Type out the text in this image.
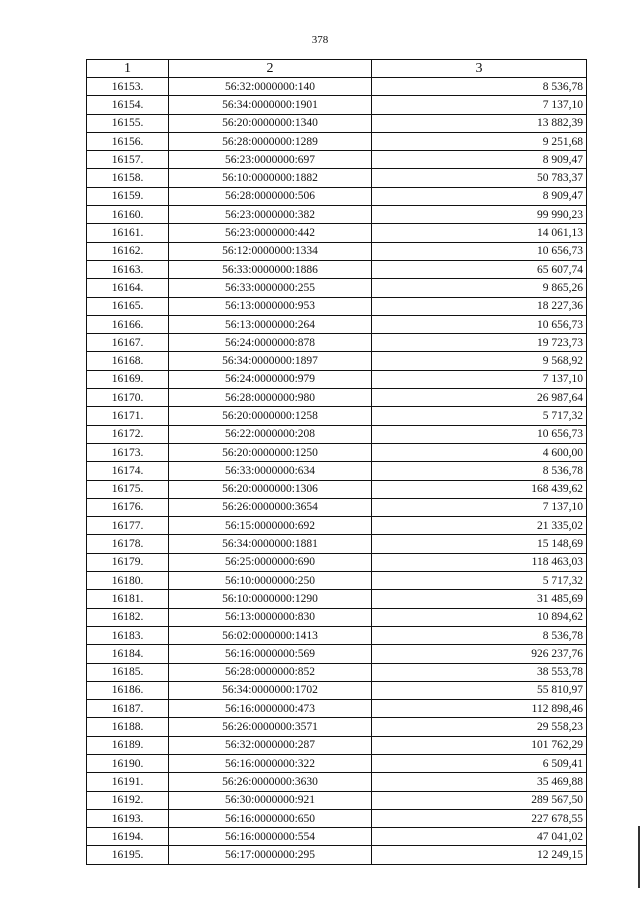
378
1	2	3
16153.	56:32:0000000:140	8 536,78
16154.	56:34:0000000:1901	7 137,10
16155.	56:20:0000000:1340	13 882,39
16156.	56:28:0000000:1289	9 251,68
16157.	56:23:0000000:697	8 909,47
16158.	56:10:0000000:1882	50 783,37
16159.	56:28:0000000:506	8 909,47
16160.	56:23:0000000:382	99 990,23
16161.	56:23:0000000:442	14 061,13
16162.	56:12:0000000:1334	10 656,73
16163.	56:33:0000000:1886	65 607,74
16164.	56:33:0000000:255	9 865,26
16165.	56:13:0000000:953	18 227,36
16166.	56:13:0000000:264	10 656,73
16167.	56:24:0000000:878	19 723,73
16168.	56:34:0000000:1897	9 568,92
16169.	56:24:0000000:979	7 137,10
16170.	56:28:0000000:980	26 987,64
16171.	56:20:0000000:1258	5 717,32
16172.	56:22:0000000:208	10 656,73
16173.	56:20:0000000:1250	4 600,00
16174.	56:33:0000000:634	8 536,78
16175.	56:20:0000000:1306	168 439,62
16176.	56:26:0000000:3654	7 137,10
16177.	56:15:0000000:692	21 335,02
16178.	56:34:0000000:1881	15 148,69
16179.	56:25:0000000:690	118 463,03
16180.	56:10:0000000:250	5 717,32
16181.	56:10:0000000:1290	31 485,69
16182.	56:13:0000000:830	10 894,62
16183.	56:02:0000000:1413	8 536,78
16184.	56:16:0000000:569	926 237,76
16185.	56:28:0000000:852	38 553,78
16186.	56:34:0000000:1702	55 810,97
16187.	56:16:0000000:473	112 898,46
16188.	56:26:0000000:3571	29 558,23
16189.	56:32:0000000:287	101 762,29
16190.	56:16:0000000:322	6 509,41
16191.	56:26:0000000:3630	35 469,88
16192.	56:30:0000000:921	289 567,50
16193.	56:16:0000000:650	227 678,55
16194.	56:16:0000000:554	47 041,02
16195.	56:17:0000000:295	12 249,15
